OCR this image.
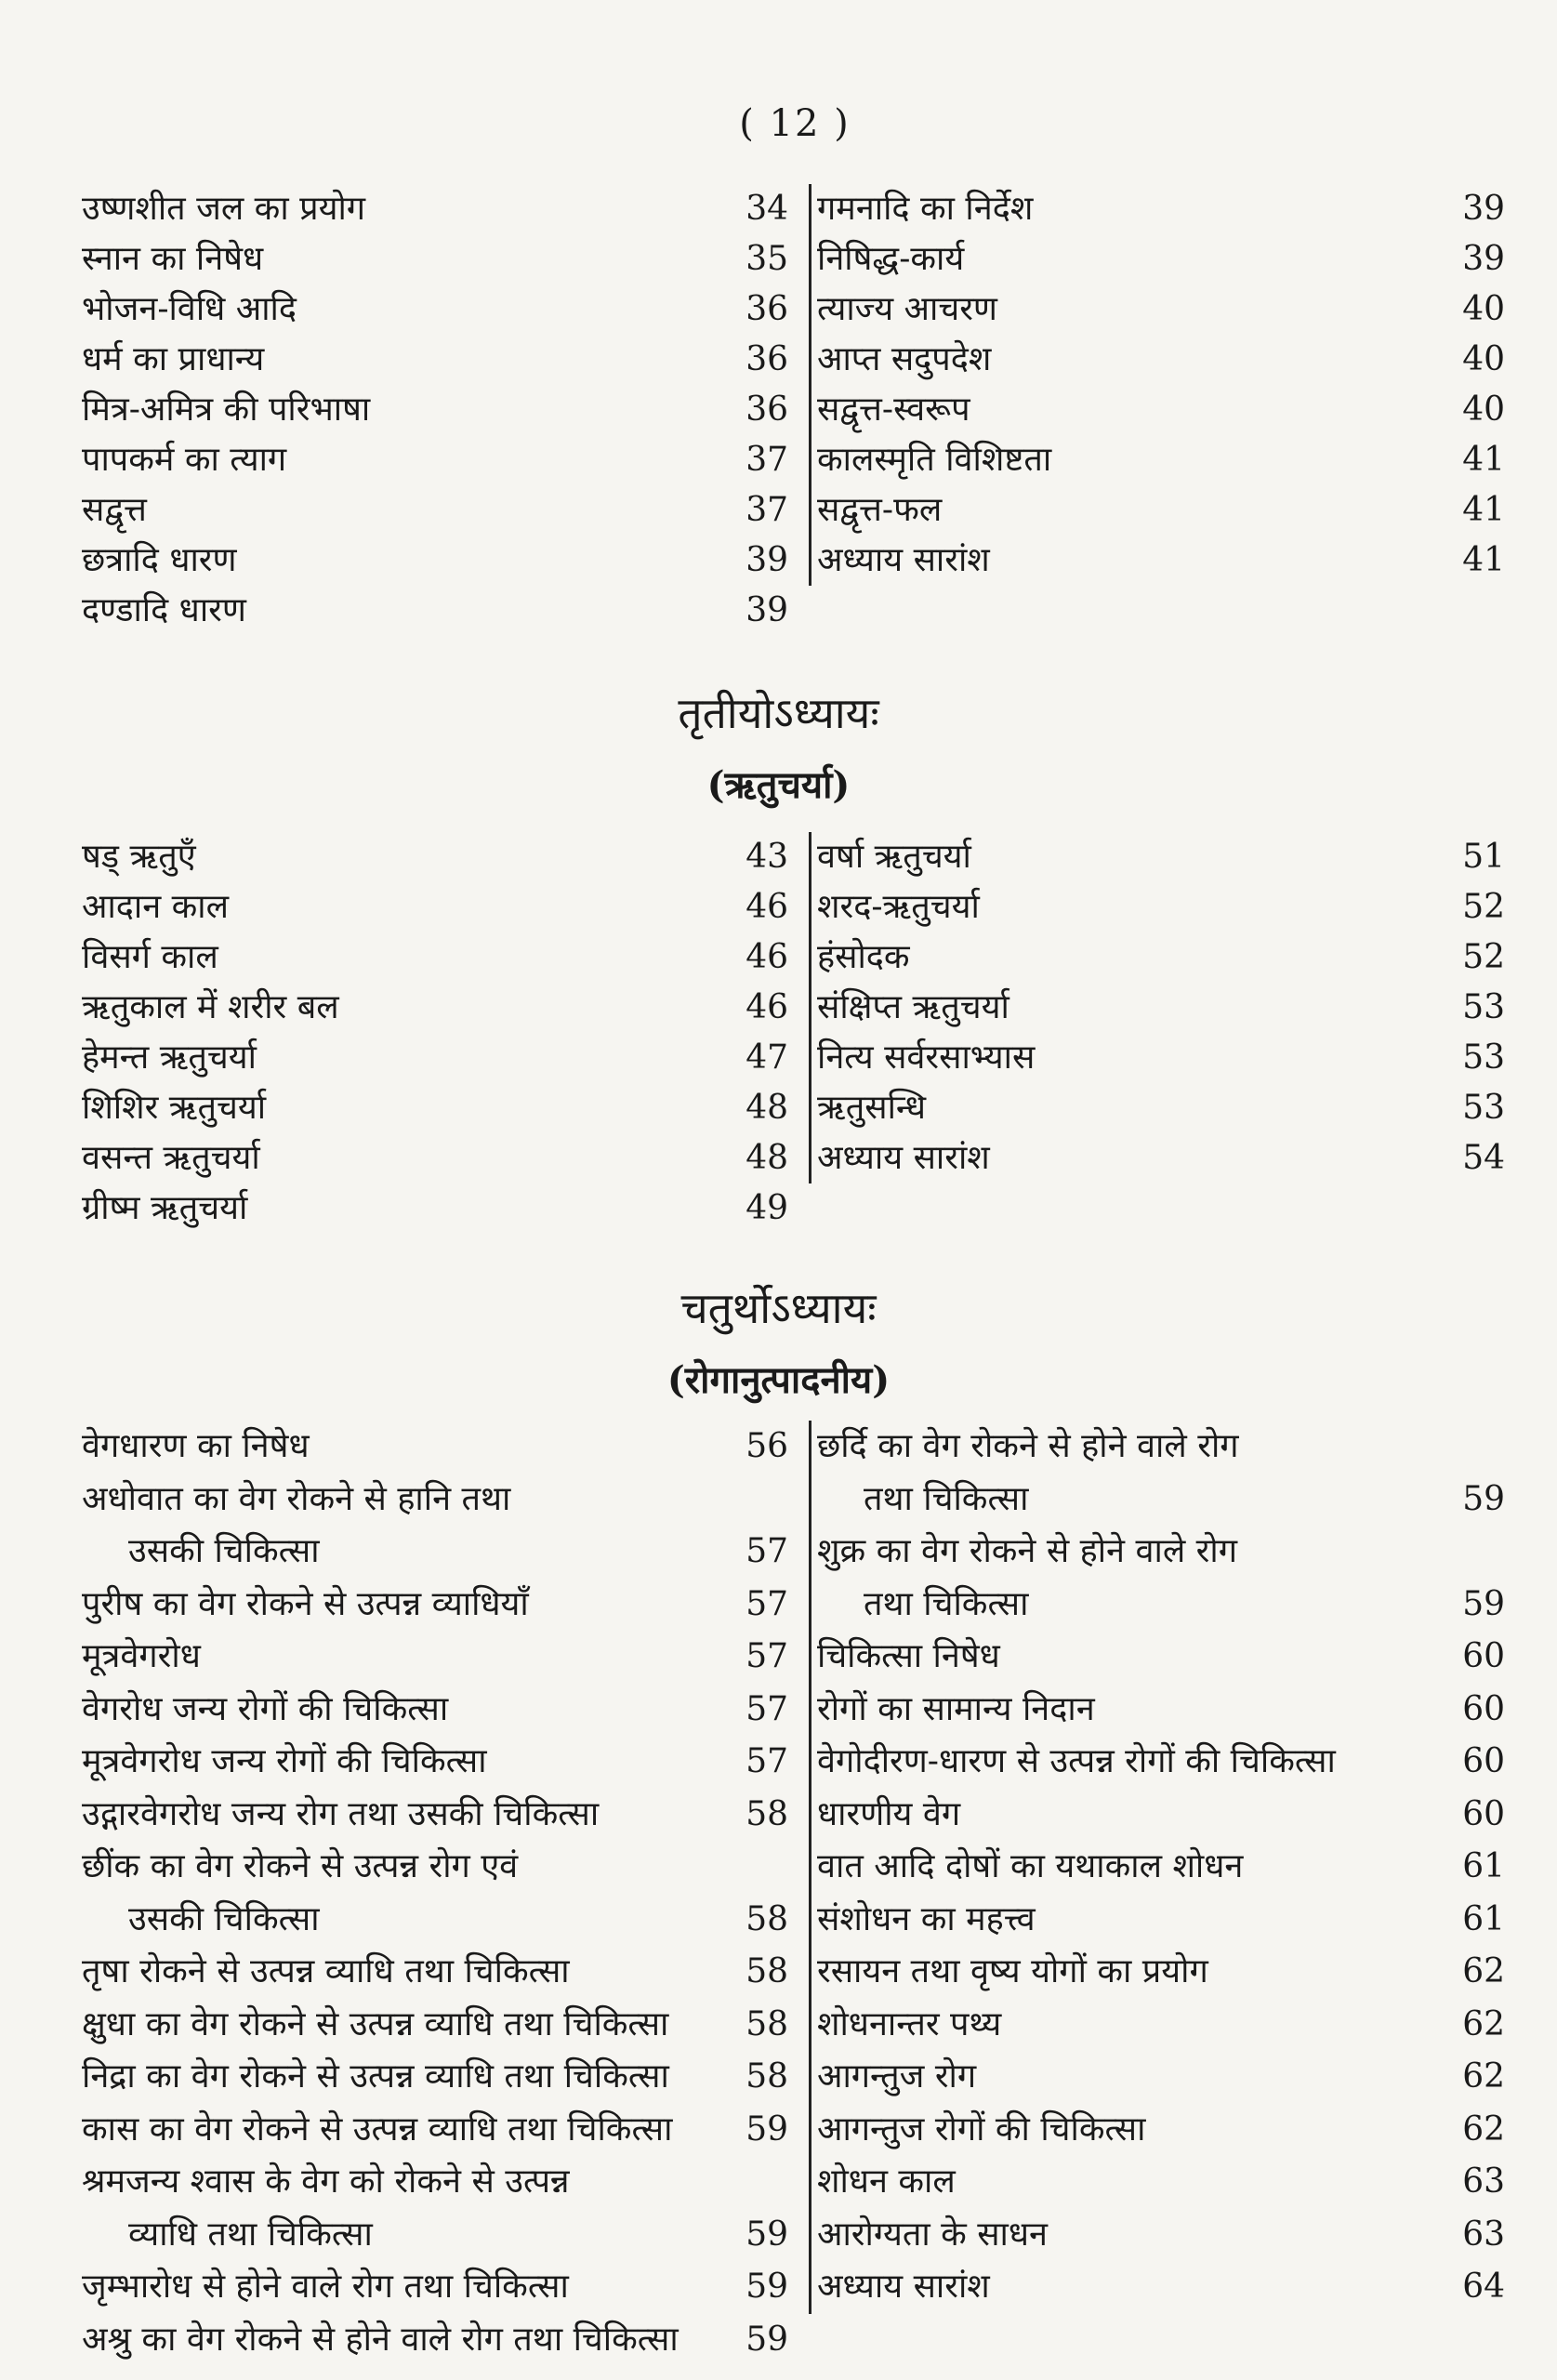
( 12 )
उष्णशीत जल का प्रयोग	34
स्नान का निषेध	35
भोजन-विधि आदि	36
धर्म का प्राधान्य	36
मित्र-अमित्र की परिभाषा	36
पापकर्म का त्याग	37
सद्वृत्त	37
छत्रादि धारण	39
दण्डादि धारण	39
गमनादि का निर्देश	39
निषिद्ध-कार्य	39
त्याज्य आचरण	40
आप्त सदुपदेश	40
सद्वृत्त-स्वरूप	40
कालस्मृति विशिष्टता	41
सद्वृत्त-फल	41
अध्याय सारांश	41
तृतीयोऽध्यायः
(ऋतुचर्या)
षड् ऋतुएँ	43
आदान काल	46
विसर्ग काल	46
ऋतुकाल में शरीर बल	46
हेमन्त ऋतुचर्या	47
शिशिर ऋतुचर्या	48
वसन्त ऋतुचर्या	48
ग्रीष्म ऋतुचर्या	49
वर्षा ऋतुचर्या	51
शरद-ऋतुचर्या	52
हंसोदक	52
संक्षिप्त ऋतुचर्या	53
नित्य सर्वरसाभ्यास	53
ऋतुसन्धि	53
अध्याय सारांश	54
चतुर्थोऽध्यायः
(रोगानुत्पादनीय)
वेगधारण का निषेध	56
अधोवात का वेग रोकने से हानि तथा
उसकी चिकित्सा	57
पुरीष का वेग रोकने से उत्पन्न व्याधियाँ	57
मूत्रवेगरोध	57
वेगरोध जन्य रोगों की चिकित्सा	57
मूत्रवेगरोध जन्य रोगों की चिकित्सा	57
उद्गारवेगरोध जन्य रोग तथा उसकी चिकित्सा	58
छींक का वेग रोकने से उत्पन्न रोग एवं
उसकी चिकित्सा	58
तृषा रोकने से उत्पन्न व्याधि तथा चिकित्सा	58
क्षुधा का वेग रोकने से उत्पन्न व्याधि तथा चिकित्सा	58
निद्रा का वेग रोकने से उत्पन्न व्याधि तथा चिकित्सा	58
कास का वेग रोकने से उत्पन्न व्याधि तथा चिकित्सा	59
श्रमजन्य श्वास के वेग को रोकने से उत्पन्न
व्याधि तथा चिकित्सा	59
जृम्भारोध से होने वाले रोग तथा चिकित्सा	59
अश्रु का वेग रोकने से होने वाले रोग तथा चिकित्सा	59
छर्दि का वेग रोकने से होने वाले रोग
तथा चिकित्सा	59
शुक्र का वेग रोकने से होने वाले रोग
तथा चिकित्सा	59
चिकित्सा निषेध	60
रोगों का सामान्य निदान	60
वेगोदीरण-धारण से उत्पन्न रोगों की चिकित्सा	60
धारणीय वेग	60
वात आदि दोषों का यथाकाल शोधन	61
संशोधन का महत्त्व	61
रसायन तथा वृष्य योगों का प्रयोग	62
शोधनान्तर पथ्य	62
आगन्तुज रोग	62
आगन्तुज रोगों की चिकित्सा	62
शोधन काल	63
आरोग्यता के साधन	63
अध्याय सारांश	64
